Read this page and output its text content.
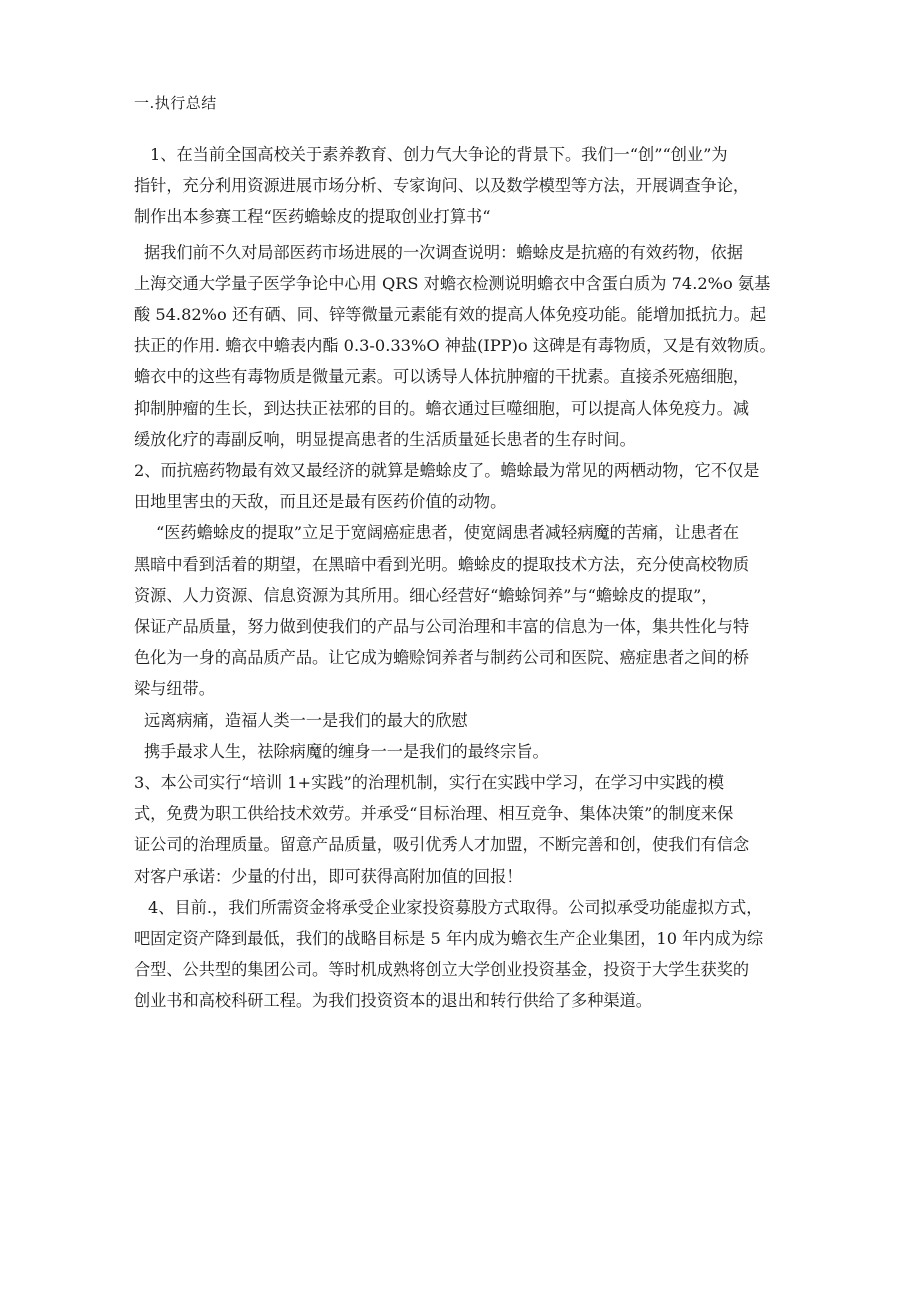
一.执行总结

1、在当前全国高校关于素养教育、创力气大争论的背景下。我们一“创”“创业”为

指针，充分利用资源进展市场分析、专家询问、以及数学模型等方法，开展调查争论，

制作出本参赛工程“医药蟾蜍皮的提取创业打算书“

据我们前不久对局部医药市场进展的一次调查说明：蟾蜍皮是抗癌的有效药物，依据

上海交通大学量子医学争论中心用 QRS 对蟾衣检测说明蟾衣中含蛋白质为 74.2%o 氨基

酸 54.82%o 还有硒、同、锌等微量元素能有效的提高人体免疫功能。能增加抵抗力。起

扶正的作用. 蟾衣中蟾表内酯 0.3-0.33%O 神盐(IPP)o 这碑是有毒物质，又是有效物质。

蟾衣中的这些有毒物质是微量元素。可以诱导人体抗肿瘤的干扰素。直接杀死癌细胞，

抑制肿瘤的生长，到达扶正祛邪的目的。蟾衣通过巨噬细胞，可以提高人体免疫力。减

缓放化疗的毒副反响，明显提高患者的生活质量延长患者的生存时间。

2、而抗癌药物最有效又最经济的就算是蟾蜍皮了。蟾蜍最为常见的两栖动物，它不仅是

田地里害虫的天敌，而且还是最有医药价值的动物。

“医药蟾蜍皮的提取”立足于宽阔癌症患者，使宽阔患者减轻病魔的苦痛，让患者在

黑暗中看到活着的期望，在黑暗中看到光明。蟾蜍皮的提取技术方法，充分使高校物质

资源、人力资源、信息资源为其所用。细心经营好“蟾蜍饲养”与“蟾蜍皮的提取”，

保证产品质量，努力做到使我们的产品与公司治理和丰富的信息为一体，集共性化与特

色化为一身的高品质产品。让它成为蟾赊饲养者与制药公司和医院、癌症患者之间的桥

梁与纽带。

远离病痛，造福人类一一是我们的最大的欣慰

携手最求人生，祛除病魔的缠身一一是我们的最终宗旨。

3、本公司实行“培训 1+实践”的治理机制，实行在实践中学习，在学习中实践的模

式，免费为职工供给技术效劳。并承受“目标治理、相互竞争、集体决策”的制度来保

证公司的治理质量。留意产品质量，吸引优秀人才加盟，不断完善和创，使我们有信念

对客户承诺：少量的付出，即可获得高附加值的回报！

4、目前.，我们所需资金将承受企业家投资募股方式取得。公司拟承受功能虚拟方式，

吧固定资产降到最低，我们的战略目标是 5 年内成为蟾衣生产企业集团，10 年内成为综

合型、公共型的集团公司。等时机成熟将创立大学创业投资基金，投资于大学生获奖的

创业书和高校科研工程。为我们投资资本的退出和转行供给了多种渠道。
